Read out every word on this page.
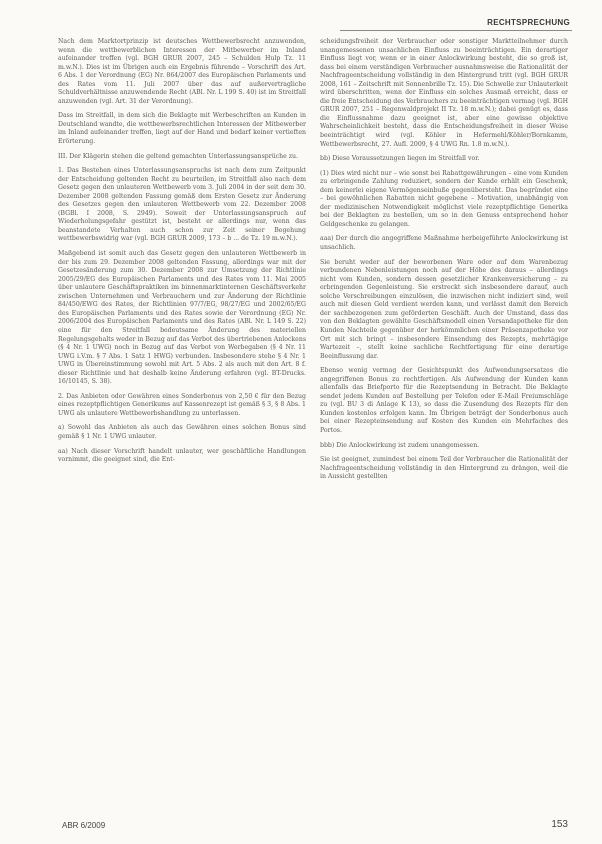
RECHTSPRECHUNG

Nach dem Marktortprinzip ist deutsches Wettbewerbsrecht anzuwenden, wenn die wettbewerblichen Interessen der Mitbewerber im Inland aufeinander treffen (vgl. BGH GRUR 2007, 245 – Schulden Hulp Tz. 11 m.w.N.). Dies ist im Übrigen auch ein Ergebnis führende – Vorschrift des Art. 6 Abs. 1 der Verordnung (EG) Nr. 864/2007 des Europäischen Parlaments und des Rates vom 11. Juli 2007 über das auf außervertragliche Schuldverhältnisse anzuwendende Recht (ABl. Nr. L 199 S. 40) ist im Streitfall anzuwenden (vgl. Art. 31 der Verordnung).

Dass im Streitfall, in dem sich die Beklagte mit Werbeschriften an Kunden in Deutschland wandte, die wettbewerbsrechtlichen Interessen der Mitbewerber im Inland aufeinander treffen, liegt auf der Hand und bedarf keiner vertieften Erörterung.

III. Der Klägerin stehen die geltend gemachten Unterlassungsansprüche zu.

1. Das Bestehen eines Unterlassungsanspruchs ist nach dem zum Zeitpunkt der Entscheidung geltenden Recht zu beurteilen, im Streitfall also nach dem Gesetz gegen den unlauteren Wettbewerb vom 3. Juli 2004 in der seit dem 30. Dezember 2008 geltenden Fassung gemäß dem Ersten Gesetz zur Änderung des Gesetzes gegen den unlauteren Wettbewerb vom 22. Dezember 2008 (BGBl. I 2008, S. 2949). Soweit der Unterlassungsanspruch auf Wiederholungsgefahr gestützt ist, besteht er allerdings nur, wenn das beanstandete Verhalten auch schon zur Zeit seiner Begehung wettbewerbswidrig war (vgl. BGH GRUR 2009, 173 – b ... de Tz. 19 m.w.N.).

Maßgebend ist somit auch das Gesetz gegen den unlauteren Wettbewerb in der bis zum 29. Dezember 2008 geltenden Fassung, allerdings war mit der Gesetzesänderung zum 30. Dezember 2008 zur Umsetzung der Richtlinie 2005/29/EG des Europäischen Parlaments und des Rates vom 11. Mai 2005 über unlautere Geschäftspraktiken im binnenmarktinternen Geschäftsverkehr zwischen Unternehmen und Verbrauchern und zur Änderung der Richtlinie 84/450/EWG des Rates, der Richtlinien 97/7/EG, 98/27/EG und 2002/65/EG des Europäischen Parlaments und des Rates sowie der Verordnung (EG) Nr. 2006/2004 des Europäischen Parlaments und des Rates (ABl. Nr. L 149 S. 22) eine für den Streitfall bedeutsame Änderung des materiellen Regelungsgehalts weder in Bezug auf das Verbot des übertriebenen Anlockens (§ 4 Nr. 1 UWG) noch in Bezug auf das Verbot von Werbegaben (§ 4 Nr. 11 UWG i.V.m. § 7 Abs. 1 Satz 1 HWG) verbunden. Insbesondere stehe § 4 Nr. 1 UWG in Übereinstimmung sowohl mit Art. 5 Abs. 2 als auch mit den Art. 8 f. dieser Richtlinie und hat deshalb keine Änderung erfahren (vgl. BT-Drucks. 16/10145, S. 38).

2. Das Anbieten oder Gewähren eines Sonderbonus von 2,50 € für den Bezug eines rezeptpflichtigen Generikums auf Kassenrezept ist gemäß § 3, § 8 Abs. 1 UWG als unlautere Wettbewerbshandlung zu unterlassen.

a) Sowohl das Anbieten als auch das Gewähren eines solchen Bonus sind gemäß § 1 Nr. 1 UWG unlauter.

aa) Nach dieser Vorschrift handelt unlauter, wer geschäftliche Handlungen vornimmt, die geeignet sind, die Ent-

scheidungsfreiheit der Verbraucher oder sonstiger Marktteilnehmer durch unangemessenen unsachlichen Einfluss zu beeinträchtigen. Ein derartiger Einfluss liegt vor, wenn er in einer Anlockwirkung besteht, die so groß ist, dass bei einem verständigen Verbraucher ausnahmsweise die Rationalität der Nachfrageentscheidung vollständig in den Hintergrund tritt (vgl. BGH GRUR 2008, 161 – Zeitschrift mit Sonnenbrille Tz. 15). Die Schwelle zur Unlauterkeit wird überschritten, wenn der Einfluss ein solches Ausmaß erreicht, dass er die freie Entscheidung des Verbrauchers zu beeinträchtigen vermag (vgl. BGH GRUR 2007, 251 – Regenwaldprojekt II Tz. 18 m.w.N.); dabei genügt es, dass die Einflussnahme dazu geeignet ist, aber eine gewisse objektive Wahrscheinlichkeit besteht, dass die Entscheidungsfreiheit in dieser Weise beeinträchtigt wird (vgl. Köhler in Hefermehl/Köhler/Bornkamm, Wettbewerbsrecht, 27. Aufl. 2009, § 4 UWG Rn. 1.8 m.w.N.).

bb) Diese Voraussetzungen liegen im Streitfall vor.

(1) Dies wird nicht nur – wie sonst bei Rabattgewährungen – eine vom Kunden zu erbringende Zahlung reduziert, sondern der Kunde erhält ein Geschenk, dem keinerlei eigene Vermögenseinbuße gegenübersteht. Das begründet eine – bei gewöhnlichen Rabatten nicht gegebene – Motivation, unabhängig von der medizinischen Notwendigkeit möglichst viele rezeptpflichtige Generika bei der Beklagten zu bestellen, um so in den Genuss entsprechend hoher Geldgeschenke zu gelangen.

aaa) Der durch die angegriffene Maßnahme herbeigeführte Anlockwirkung ist unsachlich.

Sie beruht weder auf der beworbenen Ware oder auf dem Warenbezug verbundenen Nebenleistungen noch auf der Höhe des daraus – allerdings nicht vom Kunden, sondern dessen gesetzlicher Krankenversicherung – zu erbringenden Gegenleistung. Sie erstreckt sich insbesondere darauf, auch solche Verschreibungen einzulösen, die inzwischen nicht indiziert sind, weil auch mit diesen Geld verdient werden kann, und verlässt damit den Bereich der sachbezogenen zum geförderten Geschäft. Auch der Umstand, dass das von den Beklagten gewählte Geschäftsmodell einen Versandapotheke für den Kunden Nachteile gegenüber der herkömmlichen einer Präsenzapotheke vor Ort mit sich bringt – insbesondere Einsendung des Rezepts, mehrtägige Wartezeit –, stellt keine sachliche Rechtfertigung für eine derartige Beeinflussung dar.

Ebenso wenig vermag der Gesichtspunkt des Aufwendungsersatzes die angegriffenen Bonus zu rechtfertigen. Als Aufwendung der Kunden kann allenfalls das Briefporto für die Rezeptsendung in Betracht. Die Beklagte sendet jedem Kunden auf Bestellung per Telefon oder E-Mail Freiumschläge zu (vgl. BU 3 di Anlage K 13), so dass die Zusendung des Rezepts für den Kunden kostenlos erfolgen kann. Im Übrigen beträgt der Sonderbonus auch bei einer Rezepteinsendung auf Kosten des Kunden ein Mehrfaches des Portos.

bbb) Die Anlockwirkung ist zudem unangemessen.

Sie ist geeignet, zumindest bei einem Teil der Verbraucher die Rationalität der Nachfrageentscheidung vollständig in den Hintergrund zu drängen, weil die in Aussicht gestellten

ABR 6/2009	153
